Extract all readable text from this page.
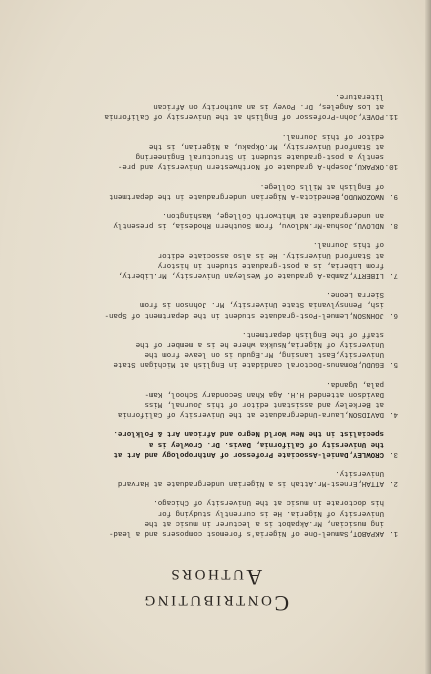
Contributing
Authors
1.
AKPABOT,Samuel-One of Nigeria's foremost composers and a lead-
ing musician, Mr.Akpabot is a lecturer in music at the
University of Nigeria. He is currently studying for
his doctorate in music at the University of Chicago.
2.
ATTAH,Ernest-Mr.Attah is a Nigerian undergraduate at Harvard
University.
3.
CROWLEY,Daniel-Associate Professor of Anthropology and Art at
the University of California, Davis. Dr. Crowley is a
specialist in the New World Negro and African Art & Folklore.
4.
DAVIDSON,Laura-Undergraduate at the University of California
at Berkeley and assistant editor of this Journal, Miss
Davidson attended H.H. Aga Khan Secondary School, Kam-
pala, Uganda.
5.
EGUDU,Romanus-Doctoral candidate in English at Michigan State
University,East Lansing, Mr.Egudu is on leave from the
University of Nigeria,Nsukka where he is a member of the
staff of the English department.
6.
JOHNSON,Lemuel-Post-graduate student in the department of Span-
ish, Pennsylvania State University, Mr. Johnson is from
Sierra Leone.
7.
LIBERTY,Zamba-A graduate of Wesleyan University, Mr.Liberty,
from Liberia, is a post-graduate student in history
at Stanford University. He is also associate editor
of this Journal.
8.
NDLOVU,Joshua-Mr.Ndlovu, from Southern Rhodesia, is presently
an undergraduate at Whitworth College, Washington.
9.
NWOZOMUDO,Benedicta-A Nigerian undergraduate in the department
of English at Mills College.
10.
OKPAKU,Joseph-A graduate of Northwestern University and pre-
sently a post-graduate student in Structural Engineering
at Stanford University, Mr.Okpaku, a Nigerian, is the
editor of this Journal.
11.
POVEY,John-Professor of English at the University of California
at Los Angeles, Dr. Povey is an authority on African
literature.
